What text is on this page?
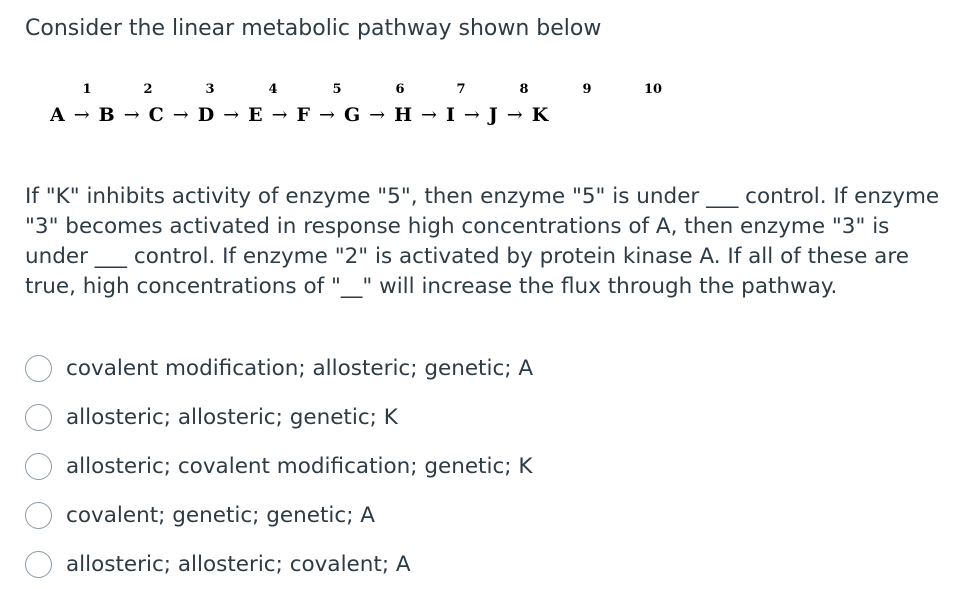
Consider the linear metabolic pathway shown below
1	2	3	4	5	6	7	8	9	10
A → B → C → D → E → F → G → H → I → J → K
If "K" inhibits activity of enzyme "5", then enzyme "5" is under ___ control. If enzyme
"3" becomes activated in response high concentrations of A, then enzyme "3" is
under ___ control. If enzyme "2" is activated by protein kinase A. If all of these are
true, high concentrations of "__" will increase the flux through the pathway.
covalent modification; allosteric; genetic; A
allosteric; allosteric; genetic; K
allosteric; covalent modification; genetic; K
covalent; genetic; genetic; A
allosteric; allosteric; covalent; A
